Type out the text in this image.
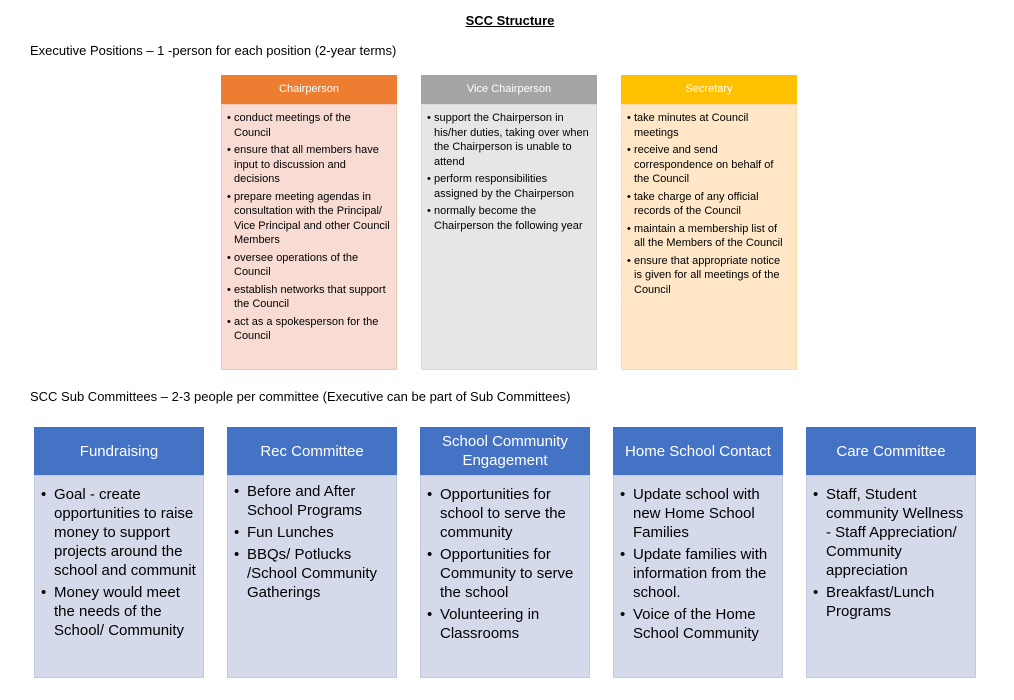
SCC Structure
Executive Positions – 1 -person for each position (2-year terms)
Chairperson
• conduct meetings of the Council
• ensure that all members have input to discussion and decisions
• prepare meeting agendas in consultation with the Principal/ Vice Principal and other Council Members
• oversee operations of the Council
• establish networks that support the Council
• act as a spokesperson for the Council
Vice Chairperson
• support the Chairperson in his/her duties, taking over when the Chairperson is unable to attend
• perform responsibilities assigned by the Chairperson
• normally become the Chairperson the following year
Secretary
• take minutes at Council meetings
• receive and send correspondence on behalf of the Council
• take charge of any official records of the Council
• maintain a membership list of all the Members of the Council
• ensure that appropriate notice is given for all meetings of the Council
SCC Sub Committees – 2-3 people per committee (Executive can be part of Sub Committees)
Fundraising
• Goal - create opportunities to raise money to support projects around the school and communit
• Money would meet the needs of the School/ Community
Rec Committee
• Before and After School Programs
• Fun Lunches
• BBQs/ Potlucks /School Community Gatherings
School Community Engagement
• Opportunities for school to serve the community
• Opportunities for Community to serve the school
• Volunteering in Classrooms
Home School Contact
• Update school with new Home School Families
• Update families with information from the school.
• Voice of the Home School Community
Care Committee
• Staff, Student community Wellness - Staff Appreciation/ Community appreciation
• Breakfast/Lunch Programs
